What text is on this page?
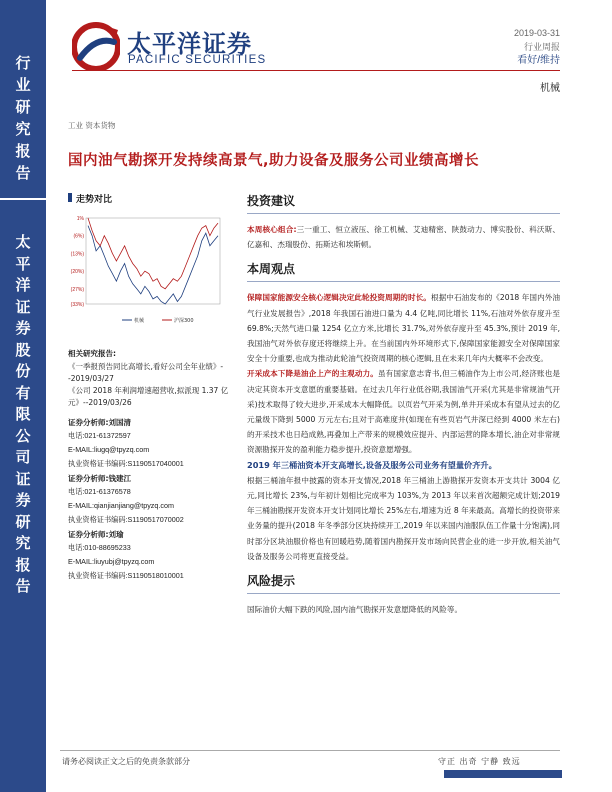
行
业
研
究
报
告
太
平
洋
证
券
股
份
有
限
公
司
证
券
研
究
报
告
太平洋证券
PACIFIC SECURITIES
2019-03-31
行业周报
看好/维持
机械
工业 资本货物
国内油气勘探开发持续高景气,助力设备及服务公司业绩高增长
走势对比
1%
(6%)
(13%)
(20%)
(27%)
(33%)
机械	沪深300
相关研究报告:
《一季报预告同比高增长,看好公司全年业绩》--2019/03/27
《公司 2018 年利润增速超营收,拟派现 1.37 亿元》--2019/03/26
证券分析师:刘国清
电话:021-61372597
E-MAIL:liugq@tpyzq.com
执业资格证书编码:S1190517040001
证券分析师:钱建江
电话:021-61376578
E-MAIL:qianjianjiang@tpyzq.com
执业资格证书编码:S1190517070002
证券分析师:刘瑜
电话:010-88695233
E-MAIL:liuyubj@tpyzq.com
执业资格证书编码:S1190518010001
投资建议
本周核心组合:三一重工、恒立液压、徐工机械、艾迪精密、陕鼓动力、博实股份、科沃斯、亿嘉和、杰瑞股份、拓斯达和埃斯顿。
本周观点
保障国家能源安全核心逻辑决定此轮投资周期的时长。根据中石油发布的《2018 年国内外油气行业发展报告》,2018 年我国石油进口量为 4.4 亿吨,同比增长 11%,石油对外依存度升至 69.8%;天然气进口量 1254 亿立方米,比增长 31.7%,对外依存度升至 45.3%,预计 2019 年,我国油气对外依存度还将继续上升。在当前国内外环境形式下,保障国家能源安全对保障国家安全十分重要,也成为推动此轮油气投资周期的核心逻辑,且在未来几年内大概率不会改变。
开采成本下降是油企上产的主观动力。虽有国家意志背书,但三桶油作为上市公司,经济账也是决定其资本开支意愿的重要基础。在过去几年行业低谷期,我国油气开采(尤其是非常规油气开采)技术取得了较大进步,开采成本大幅降低。以页岩气开采为例,单井开采成本有望从过去的亿元量级下降到 5000 万元左右;且对于高难度井(如现在有些页岩气井深已经到 4000 米左右)的开采技术也日趋成熟,再叠加上产带来的规模效应提升、内部运营的降本增长,油企对非常规资源勘探开发的盈利能力稳步提升,投资意愿增强。
2019 年三桶油资本开支高增长,设备及服务公司业务有望量价齐升。
根据三桶油年报中披露的资本开支情况,2018 年三桶油上游勘探开发资本开支共计 3004 亿元,同比增长 23%,与年初计划相比完成率为 103%,为 2013 年以来首次超额完成计划;2019 年三桶油勘探开发资本开支计划同比增长 25%左右,增速为近 8 年来最高。高增长的投资带来业务量的提升(2018 年冬季部分区块持续开工,2019 年以来国内油服队伍工作量十分饱满),同时部分区块油服价格也有回暖趋势,随着国内勘探开发市场向民营企业的进一步开放,相关油气设备及服务公司将更直接受益。
风险提示
国际油价大幅下跌的风险,国内油气勘探开发意愿降低的风险等。
请务必阅读正文之后的免责条款部分	守正 出奇 宁静 致远
